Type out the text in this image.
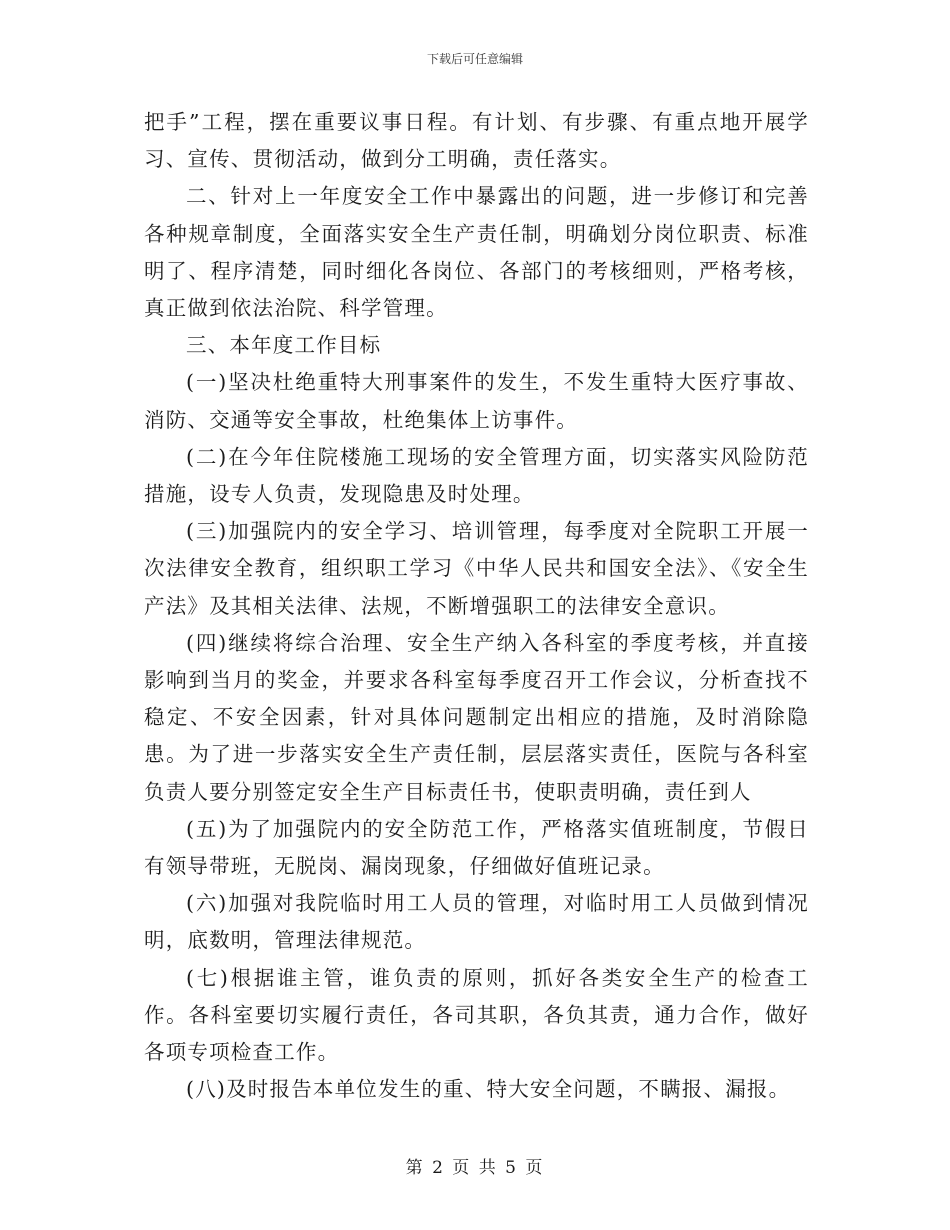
下载后可任意编辑

把手”工程，摆在重要议事日程。有计划、有步骤、有重点地开展学习、宣传、贯彻活动，做到分工明确，责任落实。

二、针对上一年度安全工作中暴露出的问题，进一步修订和完善各种规章制度，全面落实安全生产责任制，明确划分岗位职责、标准明了、程序清楚，同时细化各岗位、各部门的考核细则，严格考核，真正做到依法治院、科学管理。

三、本年度工作目标

(一)坚决杜绝重特大刑事案件的发生，不发生重特大医疗事故、消防、交通等安全事故，杜绝集体上访事件。

(二)在今年住院楼施工现场的安全管理方面，切实落实风险防范措施，设专人负责，发现隐患及时处理。

(三)加强院内的安全学习、培训管理，每季度对全院职工开展一次法律安全教育，组织职工学习《中华人民共和国安全法》、《安全生产法》及其相关法律、法规，不断增强职工的法律安全意识。

(四)继续将综合治理、安全生产纳入各科室的季度考核，并直接影响到当月的奖金，并要求各科室每季度召开工作会议，分析查找不稳定、不安全因素，针对具体问题制定出相应的措施，及时消除隐患。为了进一步落实安全生产责任制，层层落实责任，医院与各科室负责人要分别签定安全生产目标责任书，使职责明确，责任到人

(五)为了加强院内的安全防范工作，严格落实值班制度，节假日有领导带班，无脱岗、漏岗现象，仔细做好值班记录。

(六)加强对我院临时用工人员的管理，对临时用工人员做到情况明，底数明，管理法律规范。

(七)根据谁主管，谁负责的原则，抓好各类安全生产的检查工作。各科室要切实履行责任，各司其职，各负其责，通力合作，做好各项专项检查工作。

(八)及时报告本单位发生的重、特大安全问题，不瞒报、漏报。

第 2 页 共 5 页
